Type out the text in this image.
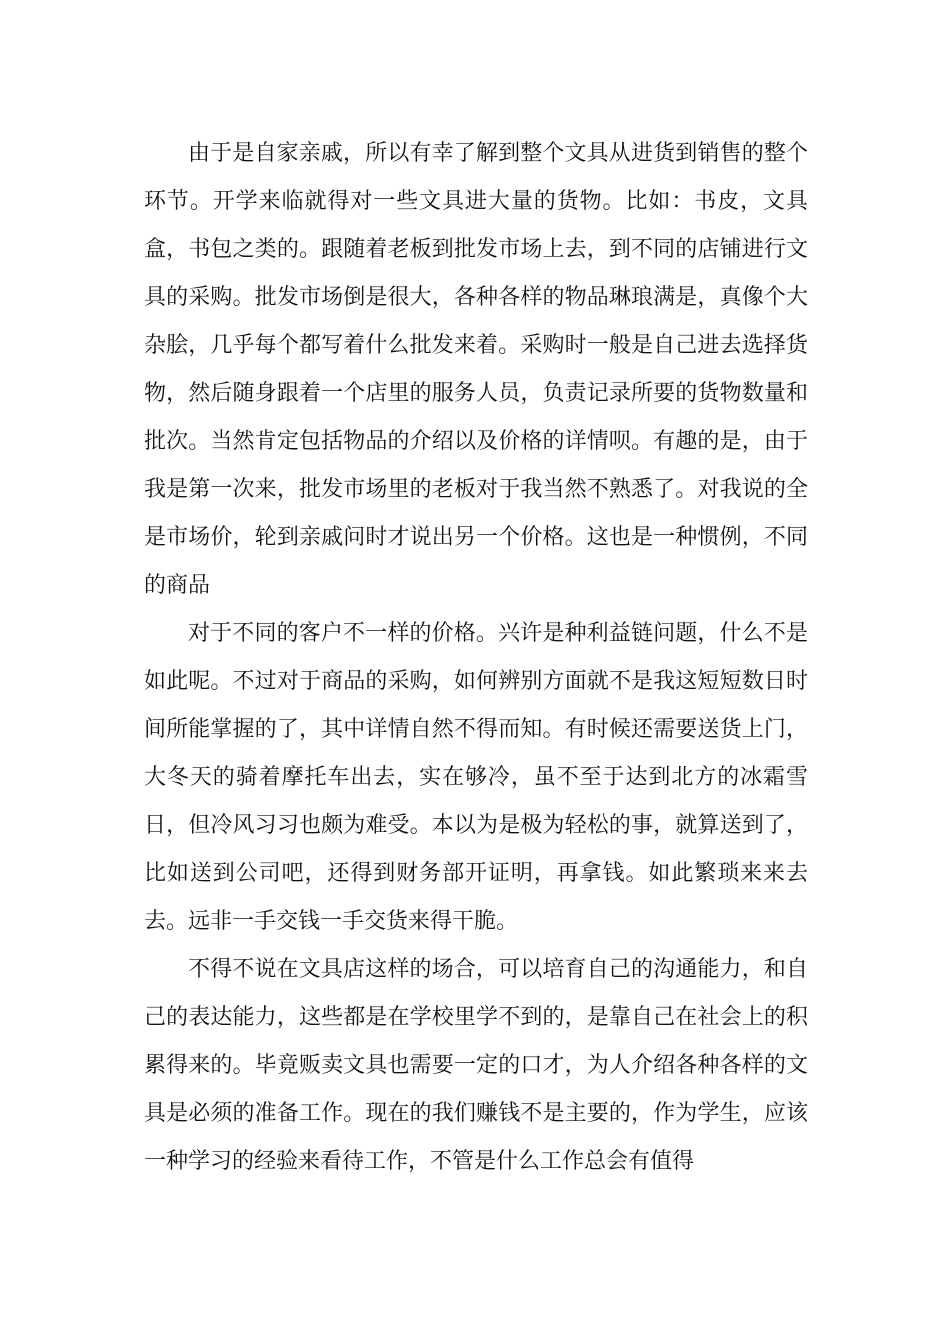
由于是自家亲戚，所以有幸了解到整个文具从进货到销售的整个环节。开学来临就得对一些文具进大量的货物。比如：书皮，文具盒，书包之类的。跟随着老板到批发市场上去，到不同的店铺进行文具的采购。批发市场倒是很大，各种各样的物品琳琅满是，真像个大杂脍，几乎每个都写着什么批发来着。采购时一般是自己进去选择货物，然后随身跟着一个店里的服务人员，负责记录所要的货物数量和批次。当然肯定包括物品的介绍以及价格的详情呗。有趣的是，由于我是第一次来，批发市场里的老板对于我当然不熟悉了。对我说的全是市场价，轮到亲戚问时才说出另一个价格。这也是一种惯例，不同的商品

对于不同的客户不一样的价格。兴许是种利益链问题，什么不是如此呢。不过对于商品的采购，如何辨别方面就不是我这短短数日时间所能掌握的了，其中详情自然不得而知。有时候还需要送货上门，大冬天的骑着摩托车出去，实在够冷，虽不至于达到北方的冰霜雪日，但冷风习习也颇为难受。本以为是极为轻松的事，就算送到了，比如送到公司吧，还得到财务部开证明，再拿钱。如此繁琐来来去去。远非一手交钱一手交货来得干脆。

不得不说在文具店这样的场合，可以培育自己的沟通能力，和自己的表达能力，这些都是在学校里学不到的，是靠自己在社会上的积累得来的。毕竟贩卖文具也需要一定的口才，为人介绍各种各样的文具是必须的准备工作。现在的我们赚钱不是主要的，作为学生，应该一种学习的经验来看待工作，不管是什么工作总会有值得
